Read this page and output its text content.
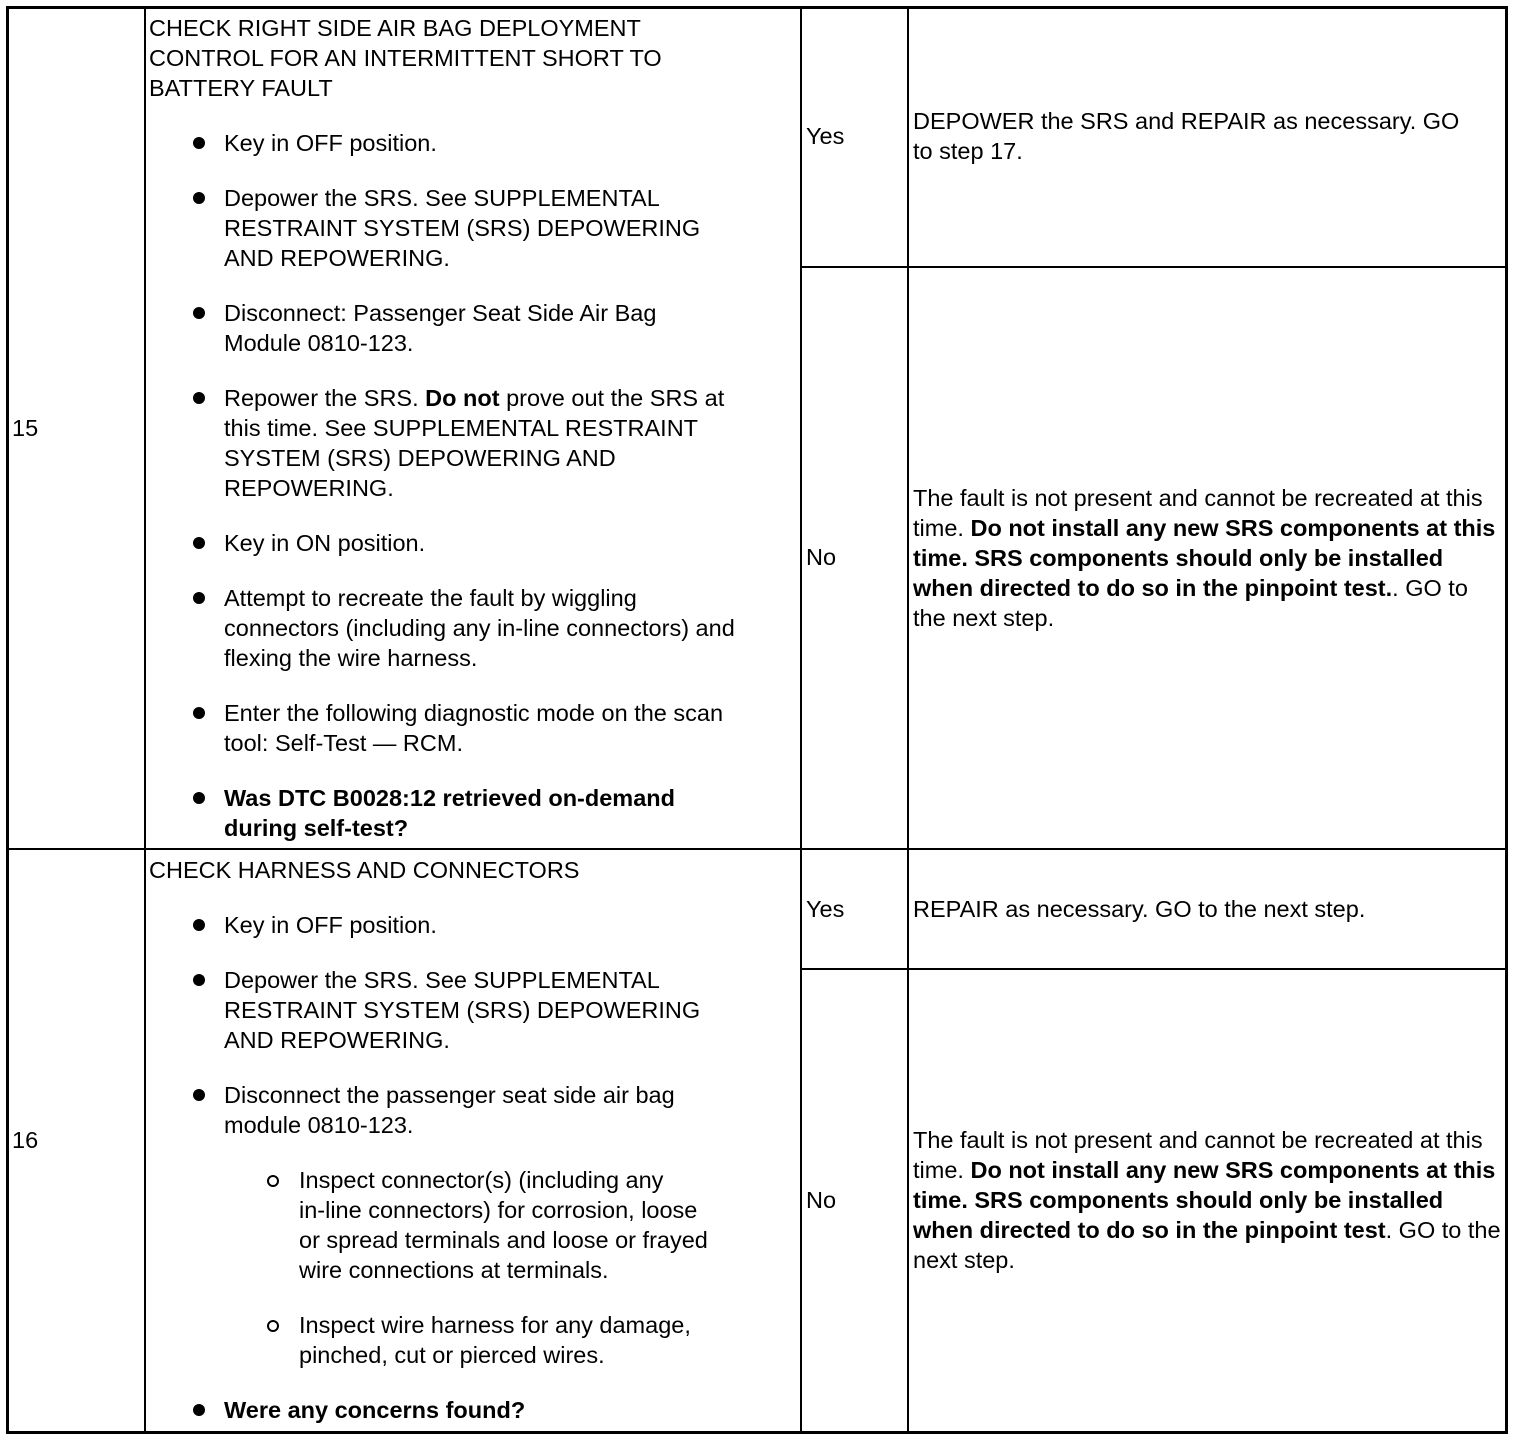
15
CHECK RIGHT SIDE AIR BAG DEPLOYMENT
CONTROL FOR AN INTERMITTENT SHORT TO
BATTERY FAULT
Key in OFF position.
Depower the SRS. See SUPPLEMENTAL
RESTRAINT SYSTEM (SRS) DEPOWERING
AND REPOWERING.
Disconnect: Passenger Seat Side Air Bag
Module 0810-123.
Repower the SRS. Do not prove out the SRS at
this time. See SUPPLEMENTAL RESTRAINT
SYSTEM (SRS) DEPOWERING AND
REPOWERING.
Key in ON position.
Attempt to recreate the fault by wiggling
connectors (including any in-line connectors) and
flexing the wire harness.
Enter the following diagnostic mode on the scan
tool: Self-Test — RCM.
Was DTC B0028:12 retrieved on-demand
during self-test?
Yes
DEPOWER the SRS and REPAIR as necessary. GO
to step 17.
No
The fault is not present and cannot be recreated at this time. Do not install any new SRS components at this time. SRS components should only be installed when directed to do so in the pinpoint test.. GO to the next step.
16
CHECK HARNESS AND CONNECTORS
Key in OFF position.
Depower the SRS. See SUPPLEMENTAL
RESTRAINT SYSTEM (SRS) DEPOWERING
AND REPOWERING.
Disconnect the passenger seat side air bag
module 0810-123.
Inspect connector(s) (including any
in-line connectors) for corrosion, loose
or spread terminals and loose or frayed
wire connections at terminals.
Inspect wire harness for any damage,
pinched, cut or pierced wires.
Were any concerns found?
Yes	REPAIR as necessary. GO to the next step.
No
The fault is not present and cannot be recreated at this time. Do not install any new SRS components at this time. SRS components should only be installed when directed to do so in the pinpoint test. GO to the next step.
